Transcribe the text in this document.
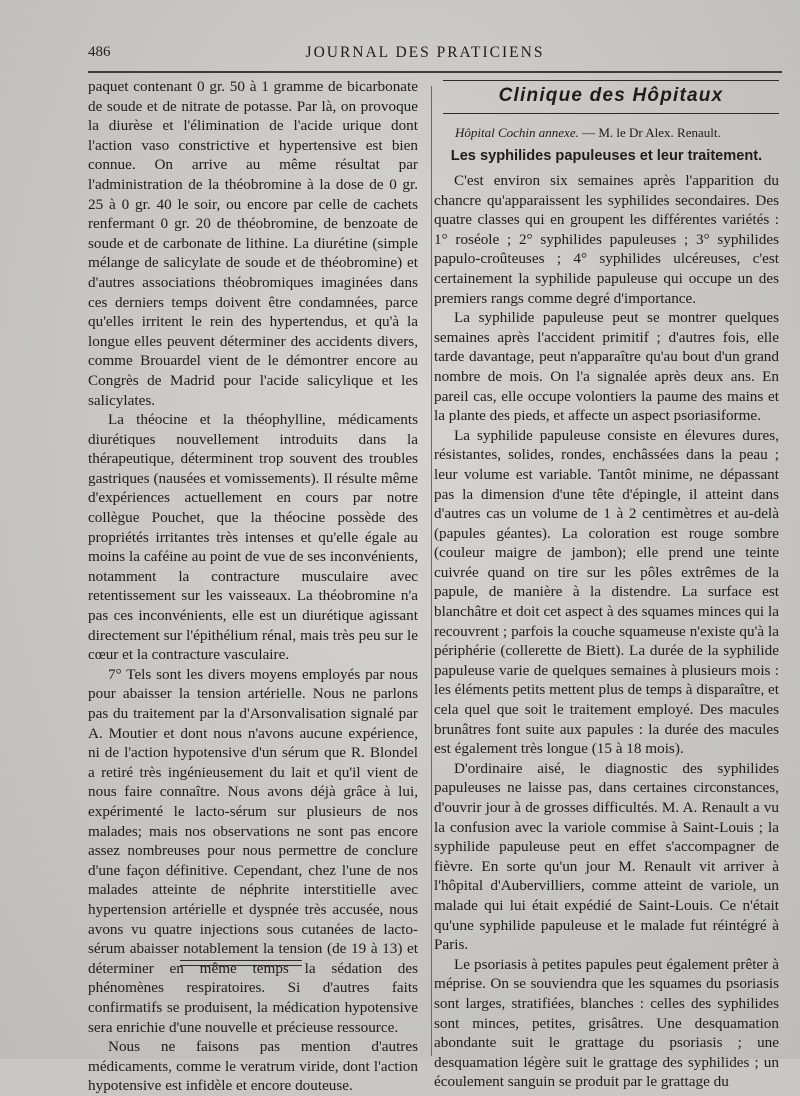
486	JOURNAL DES PRATICIENS

paquet contenant 0 gr. 50 à 1 gramme de bicarbonate de soude et de nitrate de potasse. Par là, on provoque la diurèse et l'élimination de l'acide urique dont l'action vaso constrictive et hypertensive est bien connue. On arrive au même résultat par l'administration de la théobromine à la dose de 0 gr. 25 à 0 gr. 40 le soir, ou encore par celle de cachets renfermant 0 gr. 20 de théobromine, de benzoate de soude et de carbonate de lithine. La diurétine (simple mélange de salicylate de soude et de théobromine) et d'autres associations théobromiques imaginées dans ces derniers temps doivent être condamnées, parce qu'elles irritent le rein des hypertendus, et qu'à la longue elles peuvent déterminer des accidents divers, comme Brouardel vient de le démontrer encore au Congrès de Madrid pour l'acide salicylique et les salicylates.

La théocine et la théophylline, médicaments diurétiques nouvellement introduits dans la thérapeutique, déterminent trop souvent des troubles gastriques (nausées et vomissements). Il résulte même d'expériences actuellement en cours par notre collègue Pouchet, que la théocine possède des propriétés irritantes très intenses et qu'elle égale au moins la caféine au point de vue de ses inconvénients, notamment la contracture musculaire avec retentissement sur les vaisseaux. La théobromine n'a pas ces inconvénients, elle est un diurétique agissant directement sur l'épithélium rénal, mais très peu sur le cœur et la contracture vasculaire.

7° Tels sont les divers moyens employés par nous pour abaisser la tension artérielle. Nous ne parlons pas du traitement par la d'Arsonvalisation signalé par A. Moutier et dont nous n'avons aucune expérience, ni de l'action hypotensive d'un sérum que R. Blondel a retiré très ingénieusement du lait et qu'il vient de nous faire connaître. Nous avons déjà grâce à lui, expérimenté le lacto-sérum sur plusieurs de nos malades; mais nos observations ne sont pas encore assez nombreuses pour nous permettre de conclure d'une façon définitive. Cependant, chez l'une de nos malades atteinte de néphrite interstitielle avec hypertension artérielle et dyspnée très accusée, nous avons vu quatre injections sous cutanées de lacto-sérum abaisser notablement la tension (de 19 à 13) et déterminer en même temps la sédation des phénomènes respiratoires. Si d'autres faits confirmatifs se produisent, la médication hypotensive sera enrichie d'une nouvelle et précieuse ressource.

Nous ne faisons pas mention d'autres médicaments, comme le veratrum viride, dont l'action hypotensive est infidèle et encore douteuse.

Clinique des Hôpitaux
Hôpital Cochin annexe. — M. le Dr Alex. Renault.
Les syphilides papuleuses et leur traitement.

C'est environ six semaines après l'apparition du chancre qu'apparaissent les syphilides secondaires. Des quatre classes qui en groupent les différentes variétés : 1° roséole ; 2° syphilides papuleuses ; 3° syphilides papulo-croûteuses ; 4° syphilides ulcéreuses, c'est certainement la syphilide papuleuse qui occupe un des premiers rangs comme degré d'importance.

La syphilide papuleuse peut se montrer quelques semaines après l'accident primitif ; d'autres fois, elle tarde davantage, peut n'apparaître qu'au bout d'un grand nombre de mois. On l'a signalée après deux ans. En pareil cas, elle occupe volontiers la paume des mains et la plante des pieds, et affecte un aspect psoriasiforme.

La syphilide papuleuse consiste en élevures dures, résistantes, solides, rondes, enchâssées dans la peau ; leur volume est variable. Tantôt minime, ne dépassant pas la dimension d'une tête d'épingle, il atteint dans d'autres cas un volume de 1 à 2 centimètres et au-delà (papules géantes). La coloration est rouge sombre (couleur maigre de jambon); elle prend une teinte cuivrée quand on tire sur les pôles extrêmes de la papule, de manière à la distendre. La surface est blanchâtre et doit cet aspect à des squames minces qui la recouvrent ; parfois la couche squameuse n'existe qu'à la périphérie (collerette de Biett). La durée de la syphilide papuleuse varie de quelques semaines à plusieurs mois : les éléments petits mettent plus de temps à disparaître, et cela quel que soit le traitement employé. Des macules brunâtres font suite aux papules : la durée des macules est également très longue (15 à 18 mois).

D'ordinaire aisé, le diagnostic des syphilides papuleuses ne laisse pas, dans certaines circonstances, d'ouvrir jour à de grosses difficultés. M. A. Renault a vu la confusion avec la variole commise à Saint-Louis ; la syphilide papuleuse peut en effet s'accompagner de fièvre. En sorte qu'un jour M. Renault vit arriver à l'hôpital d'Aubervilliers, comme atteint de variole, un malade qui lui était expédié de Saint-Louis. Ce n'était qu'une syphilide papuleuse et le malade fut réintégré à Paris.

Le psoriasis à petites papules peut également prêter à méprise. On se souviendra que les squames du psoriasis sont larges, stratifiées, blanches : celles des syphilides sont minces, petites, grisâtres. Une desquamation abondante suit le grattage du psoriasis ; une desquamation légère suit le grattage des syphilides ; un écoulement sanguin se produit par le grattage du
